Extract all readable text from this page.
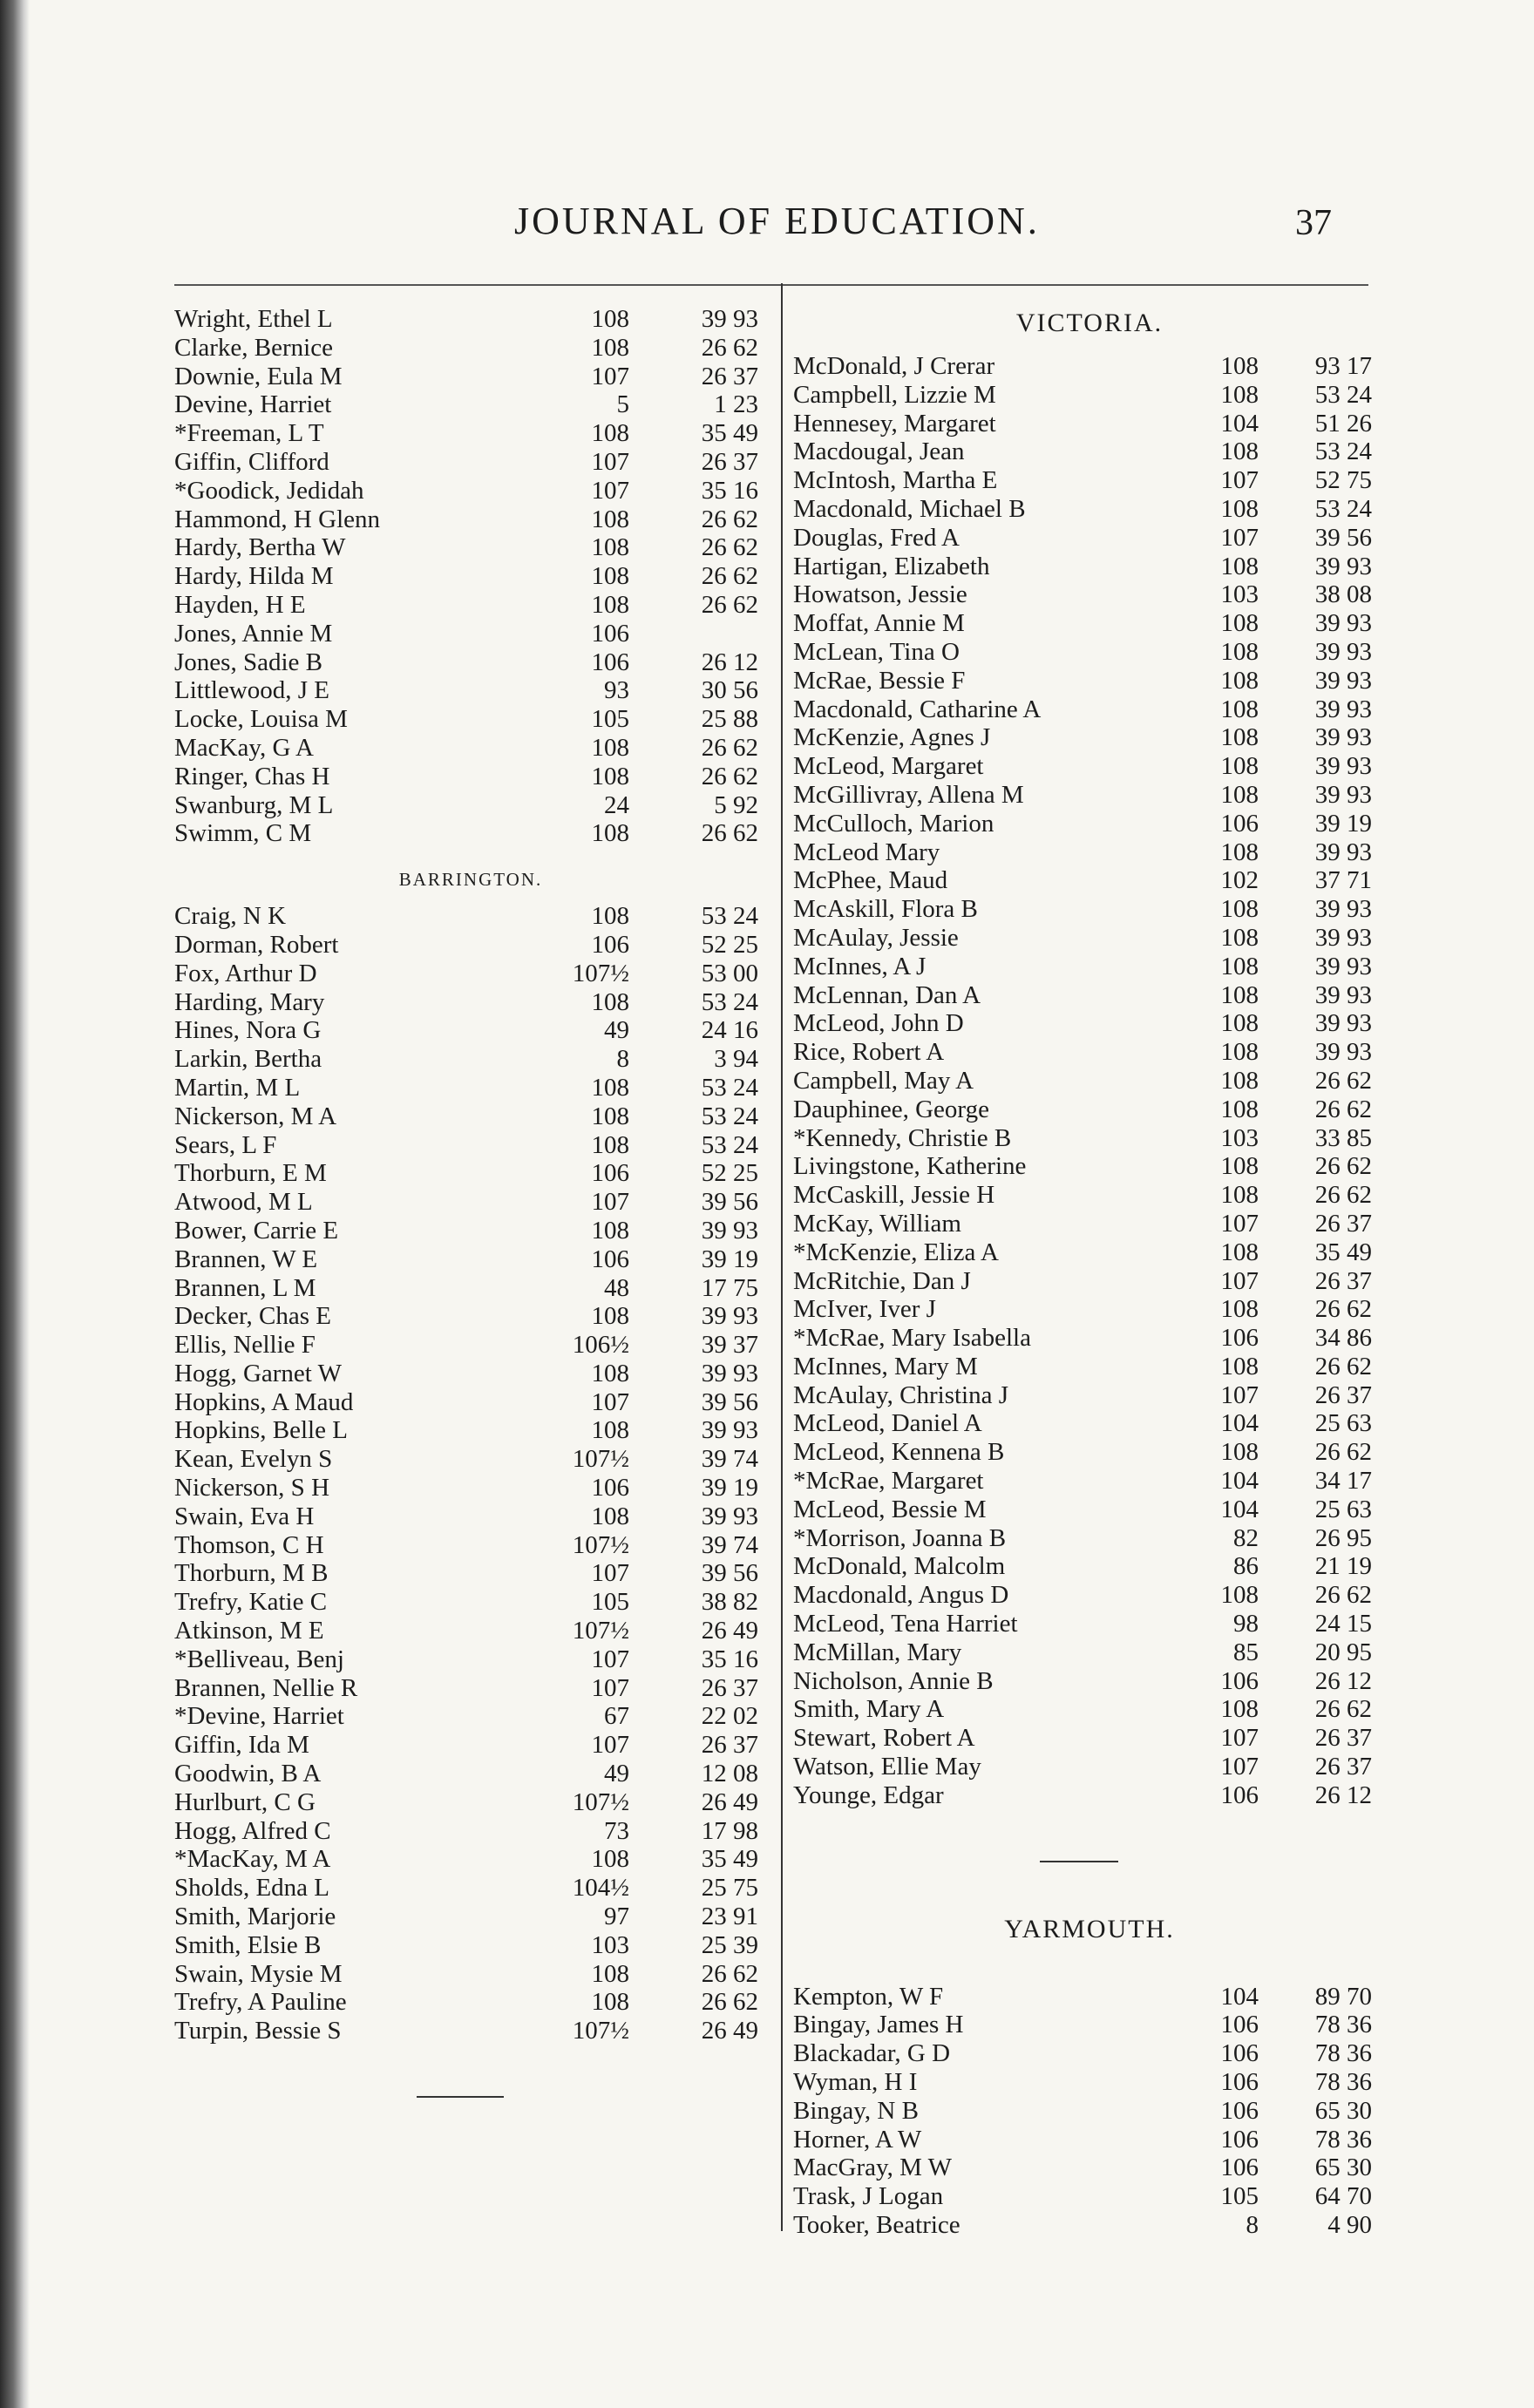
JOURNAL OF EDUCATION.	37
Wright, Ethel L	108	39 93
Clarke, Bernice	108	26 62
Downie, Eula M	107	26 37
Devine, Harriet	5	1 23
*Freeman, L T	108	35 49
Giffin, Clifford	107	26 37
*Goodick, Jedidah	107	35 16
Hammond, H Glenn	108	26 62
Hardy, Bertha W	108	26 62
Hardy, Hilda M	108	26 62
Hayden, H E	108	26 62
Jones, Annie M	106
Jones, Sadie B	106	26 12
Littlewood, J E	93	30 56
Locke, Louisa M	105	25 88
MacKay, G A	108	26 62
Ringer, Chas H	108	26 62
Swanburg, M L	24	5 92
Swimm, C M	108	26 62
BARRINGTON.
Craig, N K	108	53 24
Dorman, Robert	106	52 25
Fox, Arthur D	107½	53 00
Harding, Mary	108	53 24
Hines, Nora G	49	24 16
Larkin, Bertha	8	3 94
Martin, M L	108	53 24
Nickerson, M A	108	53 24
Sears, L F	108	53 24
Thorburn, E M	106	52 25
Atwood, M L	107	39 56
Bower, Carrie E	108	39 93
Brannen, W E	106	39 19
Brannen, L M	48	17 75
Decker, Chas E	108	39 93
Ellis, Nellie F	106½	39 37
Hogg, Garnet W	108	39 93
Hopkins, A Maud	107	39 56
Hopkins, Belle L	108	39 93
Kean, Evelyn S	107½	39 74
Nickerson, S H	106	39 19
Swain, Eva H	108	39 93
Thomson, C H	107½	39 74
Thorburn, M B	107	39 56
Trefry, Katie C	105	38 82
Atkinson, M E	107½	26 49
*Belliveau, Benj	107	35 16
Brannen, Nellie R	107	26 37
*Devine, Harriet	67	22 02
Giffin, Ida M	107	26 37
Goodwin, B A	49	12 08
Hurlburt, C G	107½	26 49
Hogg, Alfred C	73	17 98
*MacKay, M A	108	35 49
Sholds, Edna L	104½	25 75
Smith, Marjorie	97	23 91
Smith, Elsie B	103	25 39
Swain, Mysie M	108	26 62
Trefry, A Pauline	108	26 62
Turpin, Bessie S	107½	26 49
VICTORIA.
McDonald, J Crerar	108	93 17
Campbell, Lizzie M	108	53 24
Hennesey, Margaret	104	51 26
Macdougal, Jean	108	53 24
McIntosh, Martha E	107	52 75
Macdonald, Michael B	108	53 24
Douglas, Fred A	107	39 56
Hartigan, Elizabeth	108	39 93
Howatson, Jessie	103	38 08
Moffat, Annie M	108	39 93
McLean, Tina O	108	39 93
McRae, Bessie F	108	39 93
Macdonald, Catharine A	108	39 93
McKenzie, Agnes J	108	39 93
McLeod, Margaret	108	39 93
McGillivray, Allena M	108	39 93
McCulloch, Marion	106	39 19
McLeod Mary	108	39 93
McPhee, Maud	102	37 71
McAskill, Flora B	108	39 93
McAulay, Jessie	108	39 93
McInnes, A J	108	39 93
McLennan, Dan A	108	39 93
McLeod, John D	108	39 93
Rice, Robert A	108	39 93
Campbell, May A	108	26 62
Dauphinee, George	108	26 62
*Kennedy, Christie B	103	33 85
Livingstone, Katherine	108	26 62
McCaskill, Jessie H	108	26 62
McKay, William	107	26 37
*McKenzie, Eliza A	108	35 49
McRitchie, Dan J	107	26 37
McIver, Iver J	108	26 62
*McRae, Mary Isabella	106	34 86
McInnes, Mary M	108	26 62
McAulay, Christina J	107	26 37
McLeod, Daniel A	104	25 63
McLeod, Kennena B	108	26 62
*McRae, Margaret	104	34 17
McLeod, Bessie M	104	25 63
*Morrison, Joanna B	82	26 95
McDonald, Malcolm	86	21 19
Macdonald, Angus D	108	26 62
McLeod, Tena Harriet	98	24 15
McMillan, Mary	85	20 95
Nicholson, Annie B	106	26 12
Smith, Mary A	108	26 62
Stewart, Robert A	107	26 37
Watson, Ellie May	107	26 37
Younge, Edgar	106	26 12
YARMOUTH.
Kempton, W F	104	89 70
Bingay, James H	106	78 36
Blackadar, G D	106	78 36
Wyman, H I	106	78 36
Bingay, N B	106	65 30
Horner, A W	106	78 36
MacGray, M W	106	65 30
Trask, J Logan	105	64 70
Tooker, Beatrice	8	4 90
